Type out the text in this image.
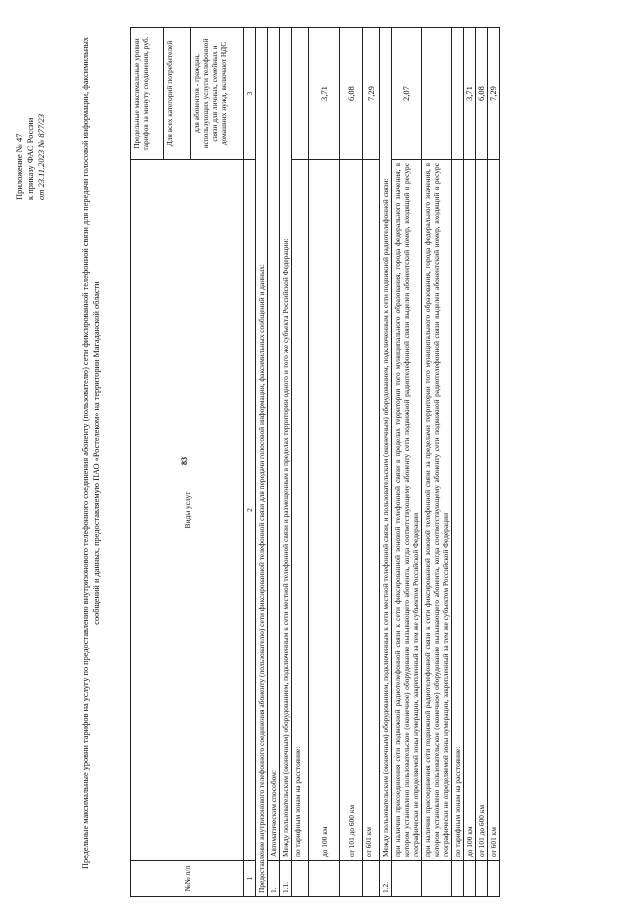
83
Приложение № 47 к приказу ФАС России от 23.11.2023 № 877/23	Предельные максимальные уровни тарифов на услугу по предоставлению внутризонового телефонного соединения абоненту (пользователю) сети фиксированной телефонной связи для передачи голосовой информации, факсимильных сообщений и данных, предоставляемую ПАО «Ростелеком» на территории Магаданской области
№№ п/п	Виды услуг	Предельные максимальные уровни тарифов за минуту соединения, руб.
		Для всех категорий потребителей
		для абонентов - граждан, использующих услуги телефонной связи для личных, семейных и домашних нужд, включают НДС
1	2	3
Предоставление внутризонового телефонного соединения абоненту (пользователю) сети фиксированной телефонной связи для передачи голосовой информации, факсимильных сообщений и данных:		
1.	Автоматическим способом:	
1.1.	Между пользовательским (оконечным) оборудованием, подключенным к сети местной телефонной связи и размещенным в пределах территории одного и того же субъекта Российской Федерации:	
	по тарифным зонам на расстояние:	
	до 100 км	3,71
	от 101 до 600 км	6,08
	от 601 км	7,29
1.2.	Между пользовательским (оконечным) оборудованием, подключенным к сети местной телефонной связи, и пользовательским (оконечным) оборудованием, подключенным к сети подвижной радиотелефонной связи:	
	при наличии присоединения сети подвижной радиотелефонной связи к сети фиксированной зоновой телефонной связи в пределах территории того муниципального образования, города федерального значения, в котором установлено пользовательское (оконечное) оборудование вызывающего абонента, когда соответствующему абоненту сети подвижной радиотелефонной связи выделен абонентский номер, входящий в ресурс географически не определяемой зоны нумерации, закрепленный за тем же субъектом Российской Федерации	2,07
	при наличии присоединения сети подвижной радиотелефонной связи к сети фиксированной зоновой телефонной связи за пределами территории того муниципального образования, города федерального значения, в котором установлено пользовательское (оконечное) оборудование вызывающего абонента, когда соответствующему абоненту сети подвижной радиотелефонной связи выделен абонентский номер, входящий в ресурс географически не определяемой зоны нумерации, закрепленный за тем же субъектом Российской Федерации	
	по тарифным зонам на расстояние:	
	до 100 км	3,71
	от 101 до 600 км	6,08
	от 601 км	7,29
